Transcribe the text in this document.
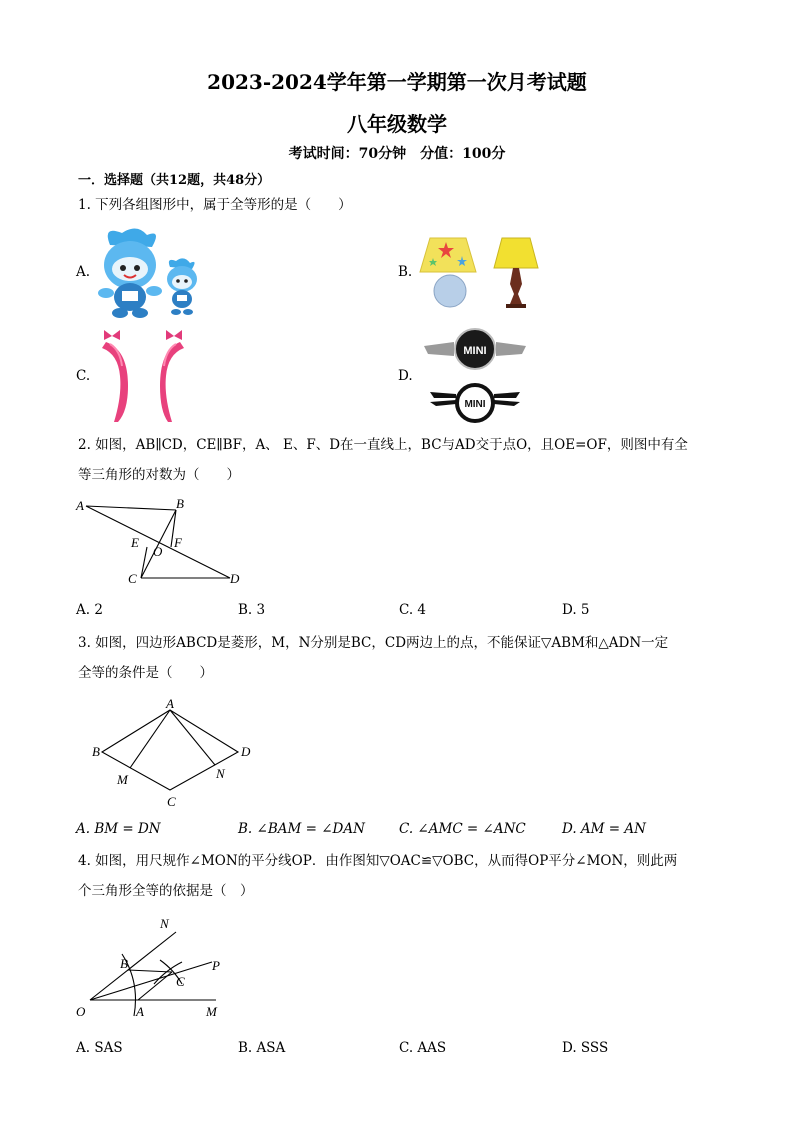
2023-2024学年第一学期第一次月考试题
八年级数学
考试时间：70分钟　分值：100分
一．选择题（共12题，共48分）
1. 下列各组图形中，属于全等形的是（　　）
A.	B.
C.	D.
MINI
MINI
2. 如图，AB∥CD，CE∥BF，A、 E、F、D在一直线上，BC与AD交于点O，且OE=OF，则图中有全
等三角形的对数为（　　）
A	B
E
O
F
C	D
A. 2	B. 3	C. 4	D. 5
3. 如图，四边形ABCD是菱形，M，N分别是BC，CD两边上的点，不能保证▽ABM和△ADN一定
全等的条件是（　　）
A
B	D
M	N
C
A. BM = DN	B. ∠BAM = ∠DAN	C. ∠AMC = ∠ANC	D. AM = AN
4. 如图，用尺规作∠MON的平分线OP．由作图知▽OAC≌▽OBC，从而得OP平分∠MON，则此两
个三角形全等的依据是（　）
N
B	P
C
O	A	M
A. SAS	B. ASA	C. AAS	D. SSS
